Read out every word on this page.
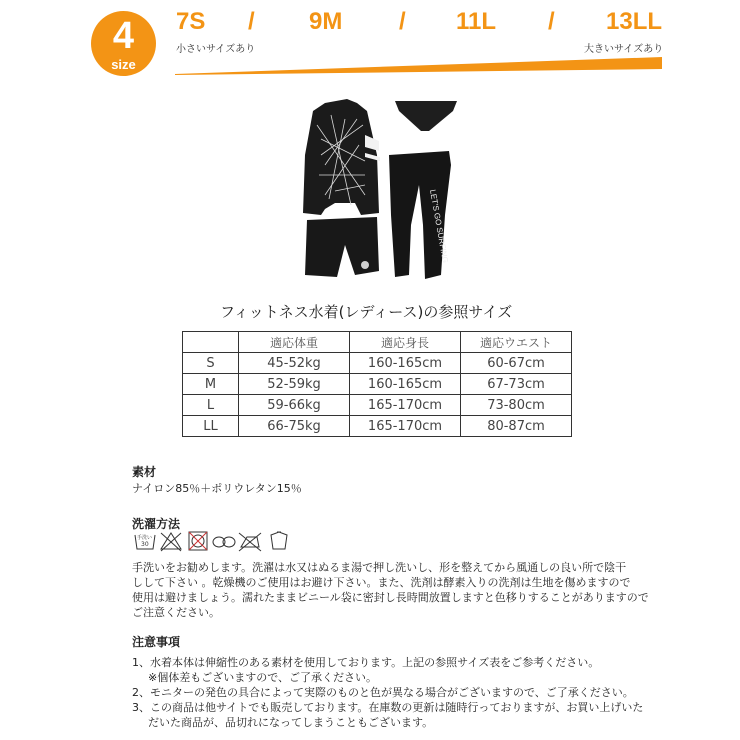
4
size
7S / 9M / 11L / 13LL
小さいサイズあり	大きいサイズあり
LET'S GO SURFING
フィットネス水着(レディース)の参照サイズ
	適応体重	適応身長	適応ウエスト
S	45-52kg	160-165cm	60-67cm
M	52-59kg	160-165cm	67-73cm
L	59-66kg	165-170cm	73-80cm
LL	66-75kg	165-170cm	80-87cm
素材
ナイロン85％＋ポリウレタン15％
洗濯方法
手洗い
30
手洗いをお勧めします。洗濯は水又はぬるま湯で押し洗いし、形を整えてから風通しの良い所で陰干
しして下さい 。乾燥機のご使用はお避け下さい。また、洗剤は酵素入りの洗剤は生地を傷めますので
使用は避けましょう。濡れたままビニール袋に密封し長時間放置しますと色移りすることがありますので
ご注意ください。
注意事項
1、水着本体は伸縮性のある素材を使用しております。上記の参照サイズ表をご参考ください。
※個体差もございますので、ご了承ください。
2、モニターの発色の具合によって実際のものと色が異なる場合がございますので、ご了承ください。
3、この商品は他サイトでも販売しております。在庫数の更新は随時行っておりますが、お買い上げいた
だいた商品が、品切れになってしまうこともございます。
